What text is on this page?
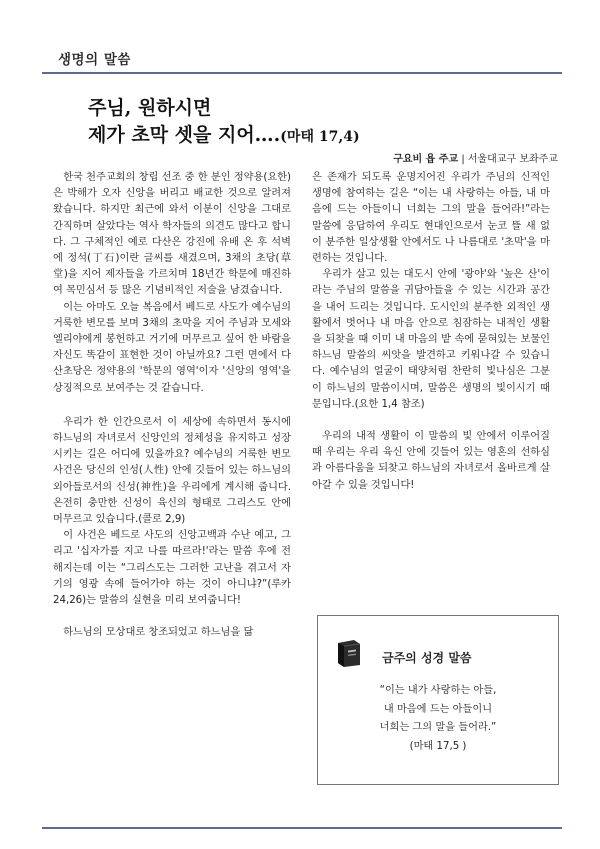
생명의 말씀
주님, 원하시면
제가 초막 셋을 지어….(마태 17,4)
구요비 욥 주교 | 서울대교구 보좌주교

한국 천주교회의 창립 선조 중 한 분인 정약용(요한)은 박해가 오자 신앙을 버리고 배교한 것으로 알려져 왔습니다. 하지만 최근에 와서 이분이 신앙을 그대로 간직하며 살았다는 역사 학자들의 의견도 많다고 합니다. 그 구체적인 예로 다산은 강진에 유배 온 후 석벽에 정석(丁石)이란 글씨를 새겼으며, 3채의 초당(草堂)을 지어 제자들을 가르치며 18년간 학문에 매진하여 목민심서 등 많은 기념비적인 저술을 남겼습니다.

이는 아마도 오늘 복음에서 베드로 사도가 예수님의 거룩한 변모를 보며 3채의 초막을 지어 주님과 모세와 엘리야에게 봉헌하고 거기에 머무르고 싶어 한 바람을 자신도 똑같이 표현한 것이 아닐까요? 그런 면에서 다산초당은 정약용의 '학문의 영역'이자 '신앙의 영역'을 상징적으로 보여주는 것 같습니다.

우리가 한 인간으로서 이 세상에 속하면서 동시에 하느님의 자녀로서 신앙인의 정체성을 유지하고 성장시키는 길은 어디에 있을까요? 예수님의 거룩한 변모 사건은 당신의 인성(人性) 안에 깃들어 있는 하느님의 외아들로서의 신성(神性)을 우리에게 계시해 줍니다. 온전히 충만한 신성이 육신의 형태로 그리스도 안에 머무르고 있습니다.(콜로 2,9)

이 사건은 베드로 사도의 신앙고백과 수난 예고, 그리고 '십자가를 지고 나를 따르라!'라는 말씀 후에 전해지는데 이는 “그리스도는 그러한 고난을 겪고서 자기의 영광 속에 들어가야 하는 것이 아니냐?”(루카 24,26)는 말씀의 실현을 미리 보여줍니다!

하느님의 모상대로 창조되었고 하느님을 닮

은 존재가 되도록 운명지어진 우리가 주님의 신적인 생명에 참여하는 길은 “이는 내 사랑하는 아들, 내 마음에 드는 아들이니 너희는 그의 말을 들어라!”라는 말씀에 응답하여 우리도 현대인으로서 눈코 뜰 새 없이 분주한 일상생활 안에서도 나 나름대로 '초막'을 마련하는 것입니다.

우리가 살고 있는 대도시 안에 '광야'와 '높은 산'이라는 주님의 말씀을 귀담아들을 수 있는 시간과 공간을 내어 드리는 것입니다. 도시인의 분주한 외적인 생활에서 벗어나 내 마음 안으로 침잠하는 내적인 생활을 되찾을 때 이미 내 마음의 밭 속에 묻혀있는 보물인 하느님 말씀의 씨앗을 발견하고 키워나갈 수 있습니다. 예수님의 얼굴이 태양처럼 찬란히 빛나심은 그분이 하느님의 말씀이시며, 말씀은 생명의 빛이시기 때문입니다.(요한 1,4 참조)

우리의 내적 생활이 이 말씀의 빛 안에서 이루어질 때 우리는 우리 육신 안에 깃들어 있는 영혼의 선하심과 아름다움을 되찾고 하느님의 자녀로서 올바르게 살아갈 수 있을 것입니다!

금주의 성경 말씀
“이는 내가 사랑하는 아들,
내 마음에 드는 아들이니
너희는 그의 말을 들어라.”
(마태 17,5 )
